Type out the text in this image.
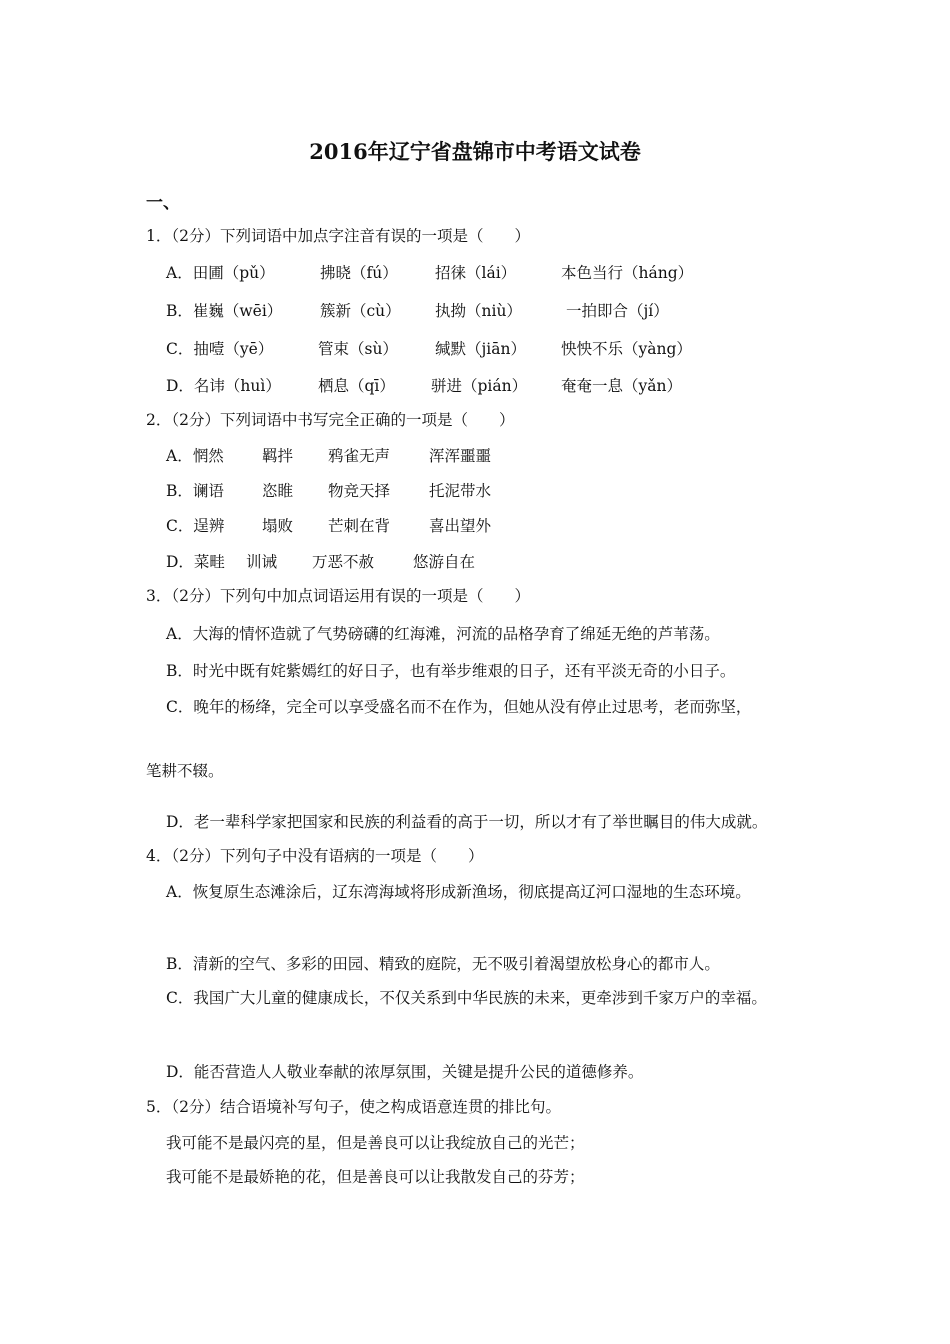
2016年辽宁省盘锦市中考语文试卷
一、
1．（2分）下列词语中加点字注音有误的一项是（　　）
A．田圃（pǔ）	拂晓（fú） 招徕（lái）	本色当行（háng）
B．崔巍（wēi） 簇新（cù） 执拗（niù）	一拍即合（jí）
C．抽噎（yē）	管束（sù） 缄默（jiān） 怏怏不乐（yàng）
D．名讳（huì） 栖息（qī） 骈进（pián） 奄奄一息（yǎn）
2．（2分）下列词语中书写完全正确的一项是（　　）
A．惘然 羁拌 鸦雀无声	浑浑噩噩
B．谰语 恣睢 物竞天择	托泥带水
C．逞辨 塌败 芒刺在背	喜出望外
D．菜畦 训诫 万恶不赦	悠游自在
3．（2分）下列句中加点词语运用有误的一项是（　　）
A．大海的情怀造就了气势磅礴的红海滩，河流的品格孕育了绵延无绝的芦苇荡。
B．时光中既有姹紫嫣红的好日子，也有举步维艰的日子，还有平淡无奇的小日子。
C．晚年的杨绛，完全可以享受盛名而不在作为，但她从没有停止过思考，老而弥坚，
笔耕不辍。
D．老一辈科学家把国家和民族的利益看的高于一切，所以才有了举世瞩目的伟大成就。
4．（2分）下列句子中没有语病的一项是（　　）
A．恢复原生态滩涂后，辽东湾海域将形成新渔场，彻底提高辽河口湿地的生态环境。
B．清新的空气、多彩的田园、精致的庭院，无不吸引着渴望放松身心的都市人。
C．我国广大儿童的健康成长，不仅关系到中华民族的未来，更牵涉到千家万户的幸福。
D．能否营造人人敬业奉献的浓厚氛围，关键是提升公民的道德修养。
5．（2分）结合语境补写句子，使之构成语意连贯的排比句。
我可能不是最闪亮的星，但是善良可以让我绽放自己的光芒；
我可能不是最娇艳的花，但是善良可以让我散发自己的芬芳；
